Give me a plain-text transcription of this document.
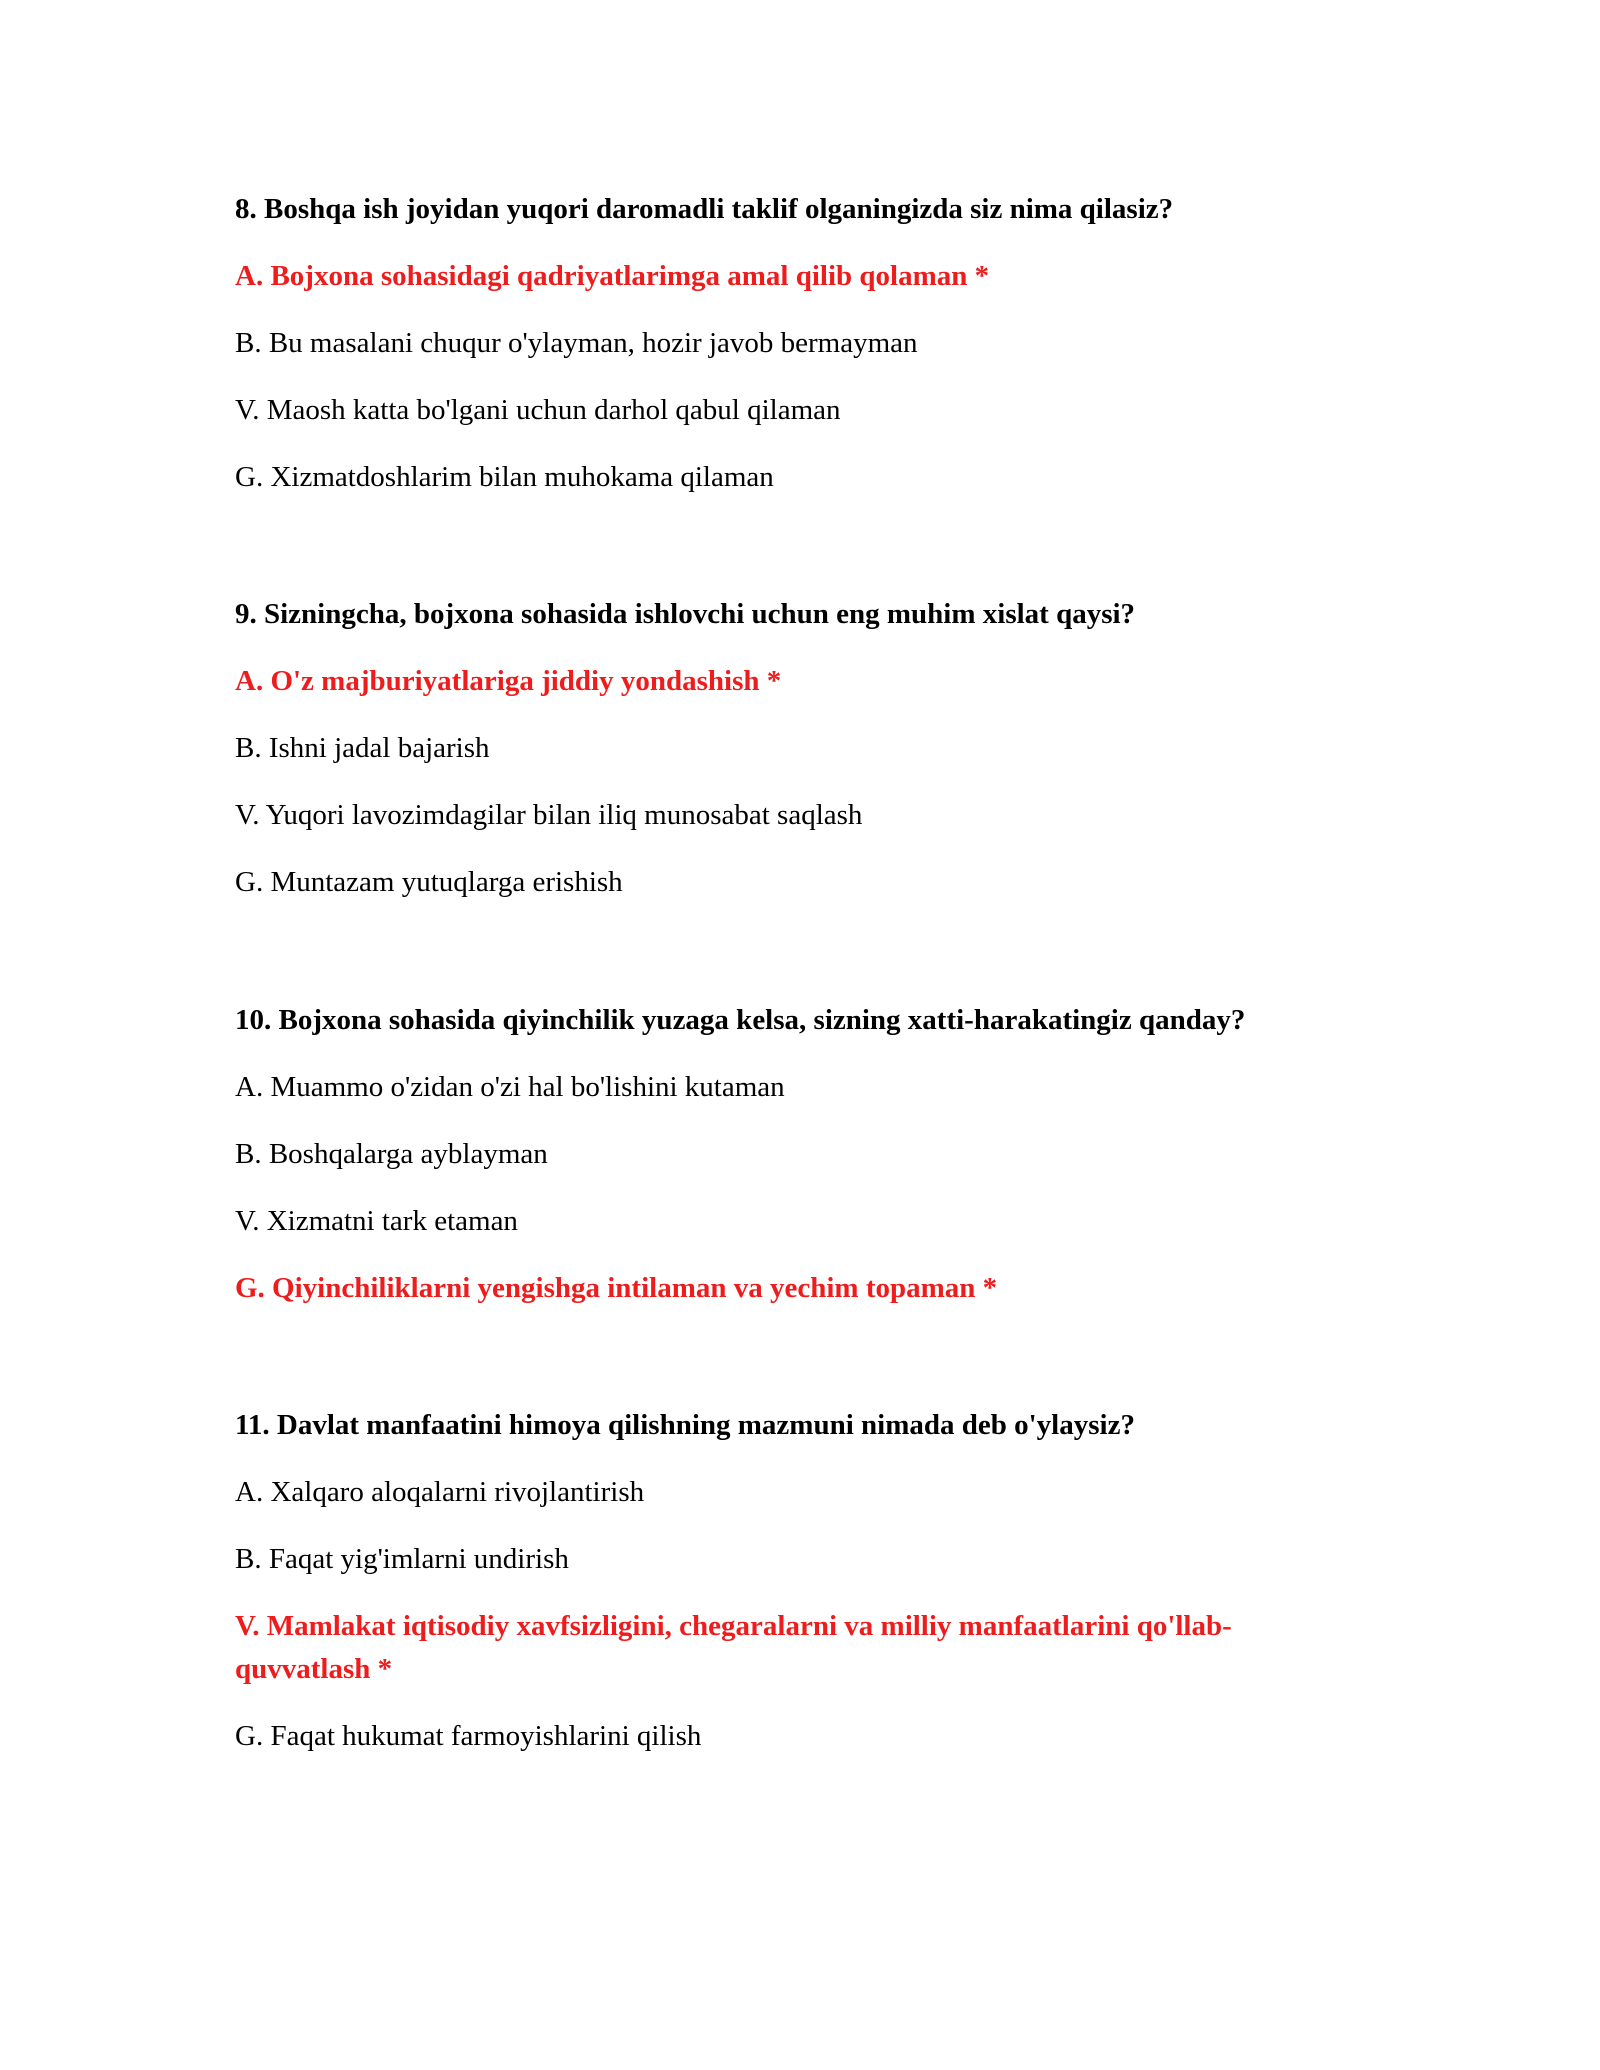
8. Boshqa ish joyidan yuqori daromadli taklif olganingizda siz nima qilasiz?

A. Bojxona sohasidagi qadriyatlarimga amal qilib qolaman *

B. Bu masalani chuqur o'ylayman, hozir javob bermayman

V. Maosh katta bo'lgani uchun darhol qabul qilaman

G. Xizmatdoshlarim bilan muhokama qilaman

9. Sizningcha, bojxona sohasida ishlovchi uchun eng muhim xislat qaysi?

A. O'z majburiyatlariga jiddiy yondashish *

B. Ishni jadal bajarish

V. Yuqori lavozimdagilar bilan iliq munosabat saqlash

G. Muntazam yutuqlarga erishish

10. Bojxona sohasida qiyinchilik yuzaga kelsa, sizning xatti-harakatingiz qanday?

A. Muammo o'zidan o'zi hal bo'lishini kutaman

B. Boshqalarga ayblayman

V. Xizmatni tark etaman

G. Qiyinchiliklarni yengishga intilaman va yechim topaman *

11. Davlat manfaatini himoya qilishning mazmuni nimada deb o'ylaysiz?

A. Xalqaro aloqalarni rivojlantirish

B. Faqat yig'imlarni undirish

V. Mamlakat iqtisodiy xavfsizligini, chegaralarni va milliy manfaatlarini qo'llab-quvvatlash *

G. Faqat hukumat farmoyishlarini qilish
